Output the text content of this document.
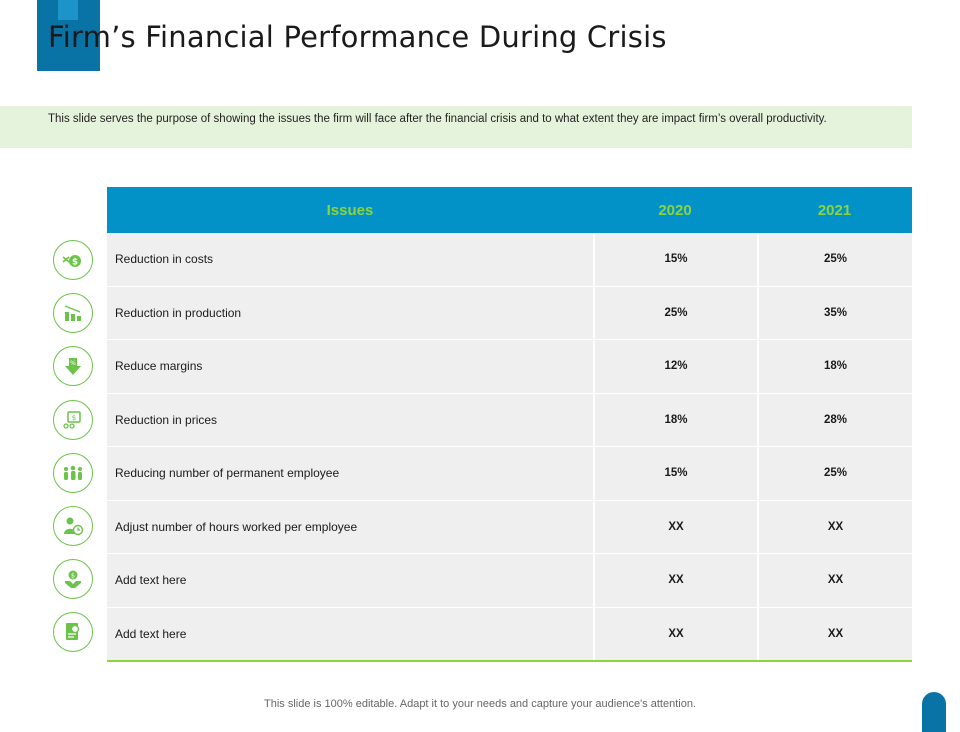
Firm’s Financial Performance During Crisis
This slide serves the purpose of showing the issues the firm will face after the financial crisis and to what extent they are impact firm’s overall productivity.
$
%
$
$
Issues	2020	2021
Reduction in costs	15%	25%
Reduction in production	25%	35%
Reduce margins	12%	18%
Reduction in prices	18%	28%
Reducing number of permanent employee	15%	25%
Adjust number of hours worked per employee	XX	XX
Add text here	XX	XX
Add text here	XX	XX
This slide is 100% editable. Adapt it to your needs and capture your audience's attention.
